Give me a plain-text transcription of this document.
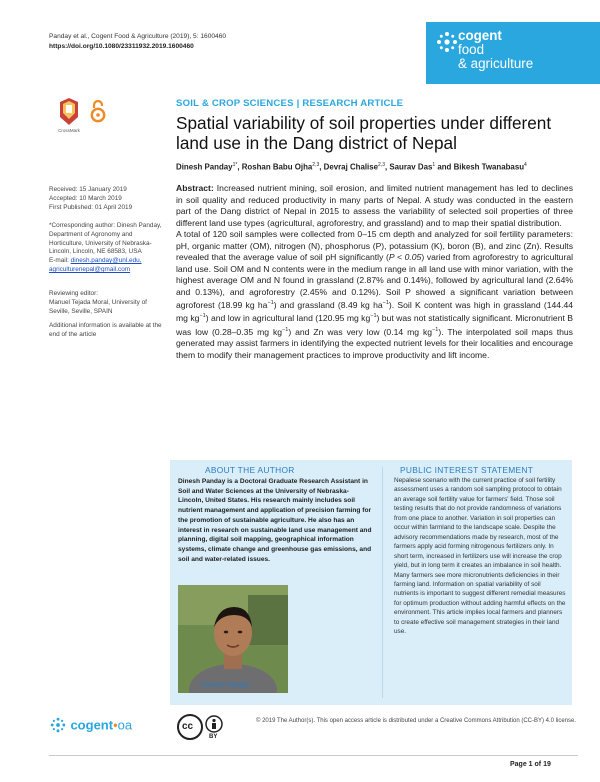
Panday et al., Cogent Food & Agriculture (2019), 5: 1600460
https://doi.org/10.1080/23311932.2019.1600460
cogent
food
& agriculture
CrossMark
Received: 15 January 2019
Accepted: 10 March 2019
First Published: 01 April 2019
*Corresponding author: Dinesh Panday, Department of Agronomy and Horticulture, University of Nebraska-Lincoln, Lincoln, NE 68583, USA
E-mail: dinesh.panday@unl.edu, agriculturenepal@gmail.com
Reviewing editor:
Manuel Tejada Moral, University of Seville, Seville, SPAIN
Additional information is available at the end of the article
SOIL & CROP SCIENCES | RESEARCH ARTICLE
Spatial variability of soil properties under different land use in the Dang district of Nepal
Dinesh Panday$^{1*}$, Roshan Babu Ojha$^{2,3}$, Devraj Chalise$^{2,3}$, Saurav Das$^1$ and Bikesh Twanabasu$^4$
Abstract: Increased nutrient mining, soil erosion, and limited nutrient management has led to declines in soil quality and reduced productivity in many parts of Nepal. A study was conducted in the eastern part of the Dang district of Nepal in 2015 to assess the variability of selected soil properties of three different land use types (agricultural, agroforestry, and grassland) and to map their spatial distribution.
A total of 120 soil samples were collected from 0–15 cm depth and analyzed for soil fertility parameters: pH, organic matter (OM), nitrogen (N), phosphorus (P), potassium (K), boron (B), and zinc (Zn). Results revealed that the average value of soil pH significantly (P < 0.05) varied from agroforestry to agricultural land use. Soil OM and N contents were in the medium range in all land use with minor variation, with the highest average OM and N found in grassland (2.87% and 0.14%), followed by agricultural land (2.64% and 0.13%), and agroforestry (2.45% and 0.12%). Soil P showed a significant variation between agroforest (18.99 kg $ha^{-1}$) and grassland (8.49 kg $ha^{-1}$). Soil K content was high in grassland (144.44 mg $kg^{-1}$) and low in agricultural land (120.95 mg $kg^{-1}$) but was not statistically significant. Micronutrient B was low (0.28–0.35 mg $kg^{-1}$) and Zn was very low (0.14 mg $kg^{-1}$). The interpolated soil maps thus generated may assist farmers in identifying the expected nutrient levels for their localities and encourage them to modify their management practices to improve productivity and lift income.
ABOUT THE AUTHOR
Dinesh Panday is a Doctoral Graduate Research Assistant in Soil and Water Sciences at the University of Nebraska-Lincoln, United States. His research mainly includes soil nutrient management and application of precision farming for the promotion of sustainable agriculture. He also has an interest in research on sustainable land use management and planning, digital soil mapping, geographical information systems, climate change and greenhouse gas emissions, and soil and water-related issues.
Dinesh Panday
PUBLIC INTEREST STATEMENT
Nepalese scenario with the current practice of soil fertility assessment uses a random soil sampling protocol to obtain an average soil fertility value for farmers' field. Those soil testing results that do not provide randomness of variations from one place to another. Variation in soil properties can occur within farmland to the landscape scale. Despite the advisory recommendations made by research, most of the farmers apply acid forming nitrogenous fertilizers only. In short term, increased in fertilizers use will increase the crop yield, but in long term it creates an imbalance in soil health. Many farmers see more micronutrients deficiencies in their farming land. Information on spatial variability of soil nutrients is important to suggest different remedial measures for optimum production without adding harmful effects on the environment. This article implies local farmers and planners to create effective soil management strategies in their land use.
cogent•oa	cc
BY
© 2019 The Author(s). This open access article is distributed under a Creative Commons Attribution (CC-BY) 4.0 license.
Page 1 of 19
